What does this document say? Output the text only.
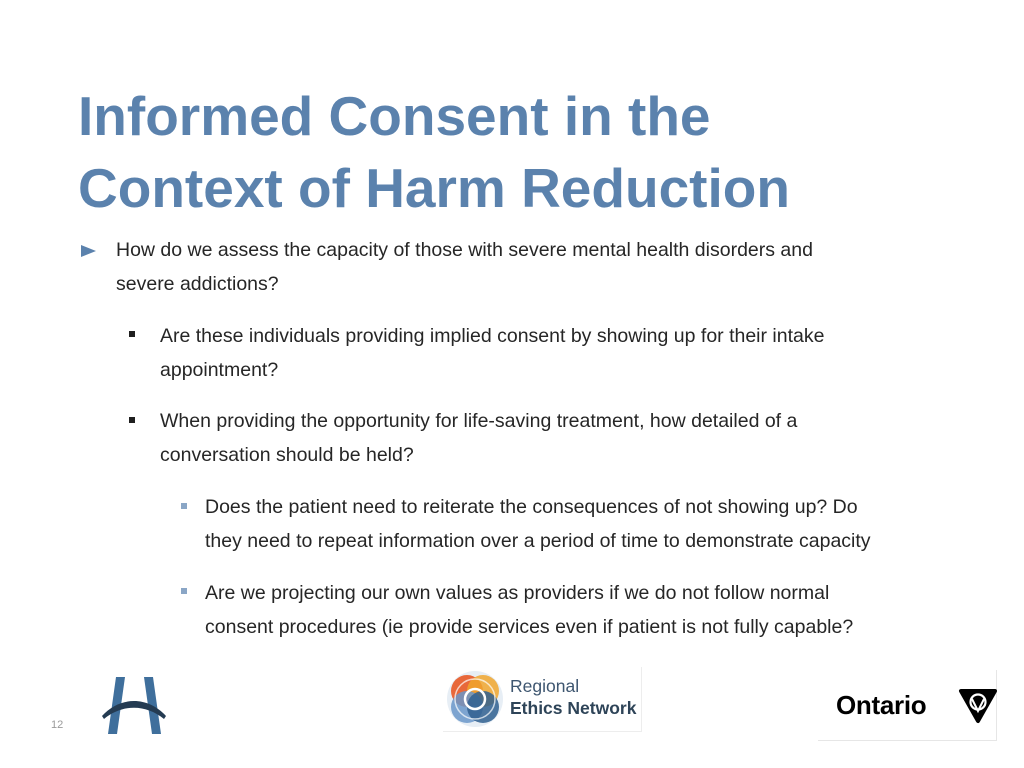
Informed Consent in the
Context of Harm Reduction
How do we assess the capacity of those with severe mental health disorders and
severe addictions?
Are these individuals providing implied consent by showing up for their intake
appointment?
When providing the opportunity for life-saving treatment, how detailed of a
conversation should be held?
Does the patient need to reiterate the consequences of not showing up? Do
they need to repeat information over a period of time to demonstrate capacity
Are we projecting our own values as providers if we do not follow normal
consent procedures (ie provide services even if patient is not fully capable?
12
Regional
Ethics Network	Ontario
